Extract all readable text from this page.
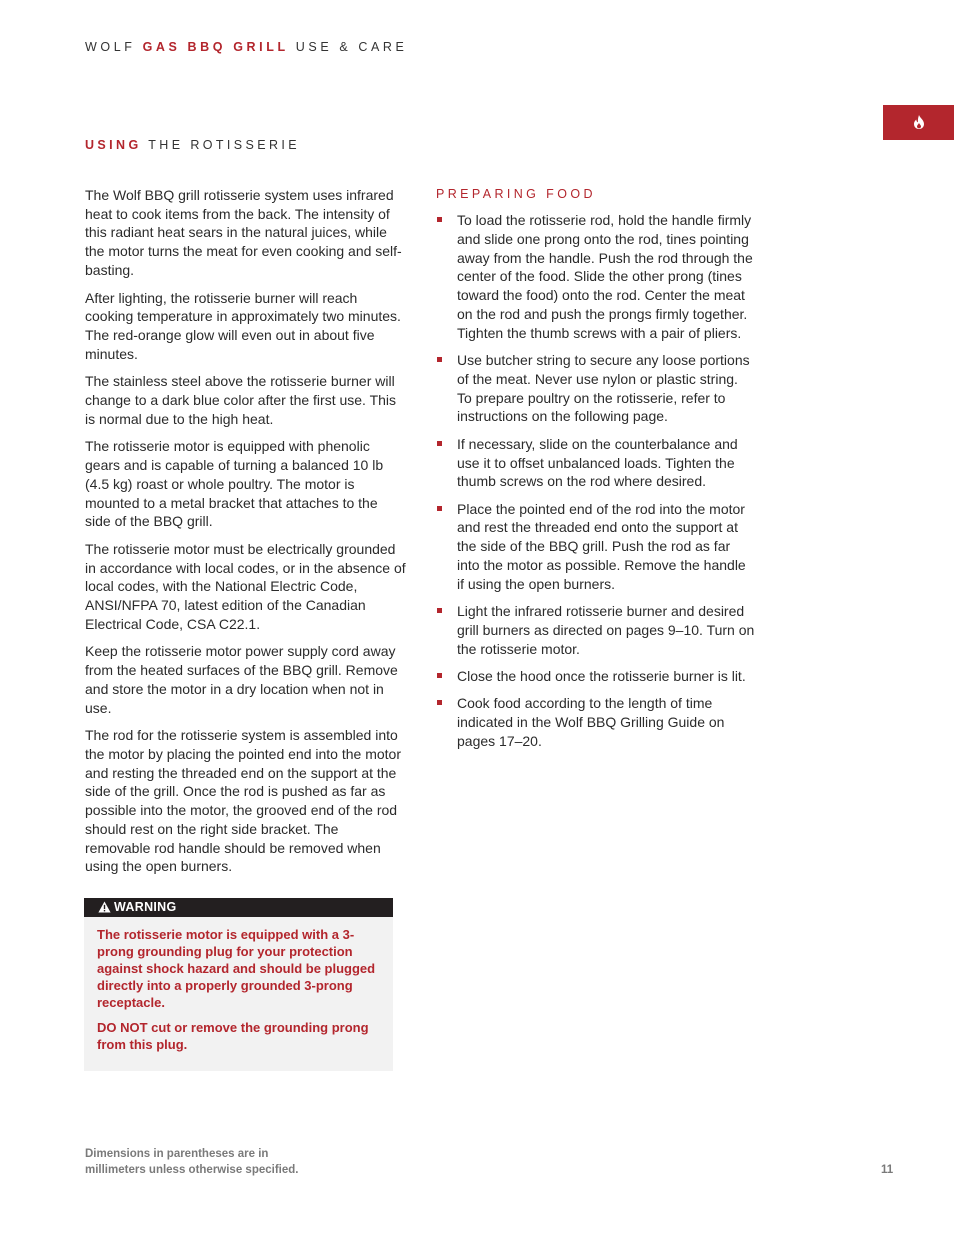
WOLF GAS BBQ GRILL USE & CARE
USING THE ROTISSERIE

The Wolf BBQ grill rotisserie system uses infrared heat to cook items from the back. The intensity of this radiant heat sears in the natural juices, while the motor turns the meat for even cooking and self-basting.

After lighting, the rotisserie burner will reach cooking temperature in approximately two minutes. The red-orange glow will even out in about five minutes.

The stainless steel above the rotisserie burner will change to a dark blue color after the first use. This is normal due to the high heat.

The rotisserie motor is equipped with phenolic gears and is capable of turning a balanced 10 lb (4.5 kg) roast or whole poultry. The motor is mounted to a metal bracket that attaches to the side of the BBQ grill.

The rotisserie motor must be electrically grounded in accordance with local codes, or in the absence of local codes, with the National Electric Code, ANSI/NFPA 70, latest edition of the Canadian Electrical Code, CSA C22.1.

Keep the rotisserie motor power supply cord away from the heated surfaces of the BBQ grill. Remove and store the motor in a dry location when not in use.

The rod for the rotisserie system is assembled into the motor by placing the pointed end into the motor and resting the threaded end on the support at the side of the grill. Once the rod is pushed as far as possible into the motor, the grooved end of the rod should rest on the right side bracket. The removable rod handle should be removed when using the open burners.

PREPARING FOOD
To load the rotisserie rod, hold the handle firmly and slide one prong onto the rod, tines pointing away from the handle. Push the rod through the center of the food. Slide the other prong (tines toward the food) onto the rod. Center the meat on the rod and push the prongs firmly together. Tighten the thumb screws with a pair of pliers.
Use butcher string to secure any loose portions of the meat. Never use nylon or plastic string. To prepare poultry on the rotisserie, refer to instructions on the following page.
If necessary, slide on the counterbalance and use it to offset unbalanced loads. Tighten the thumb screws on the rod where desired.
Place the pointed end of the rod into the motor and rest the threaded end onto the support at the side of the BBQ grill. Push the rod as far into the motor as possible. Remove the handle if using the open burners.
Light the infrared rotisserie burner and desired grill burners as directed on pages 9–10. Turn on the rotisserie motor.
Close the hood once the rotisserie burner is lit.
Cook food according to the length of time indicated in the Wolf BBQ Grilling Guide on pages 17–20.
WARNING

The rotisserie motor is equipped with a 3-prong grounding plug for your protection against shock hazard and should be plugged directly into a properly grounded 3-prong receptacle.

DO NOT cut or remove the grounding prong from this plug.

Dimensions in parentheses are in
millimeters unless otherwise specified.	11
